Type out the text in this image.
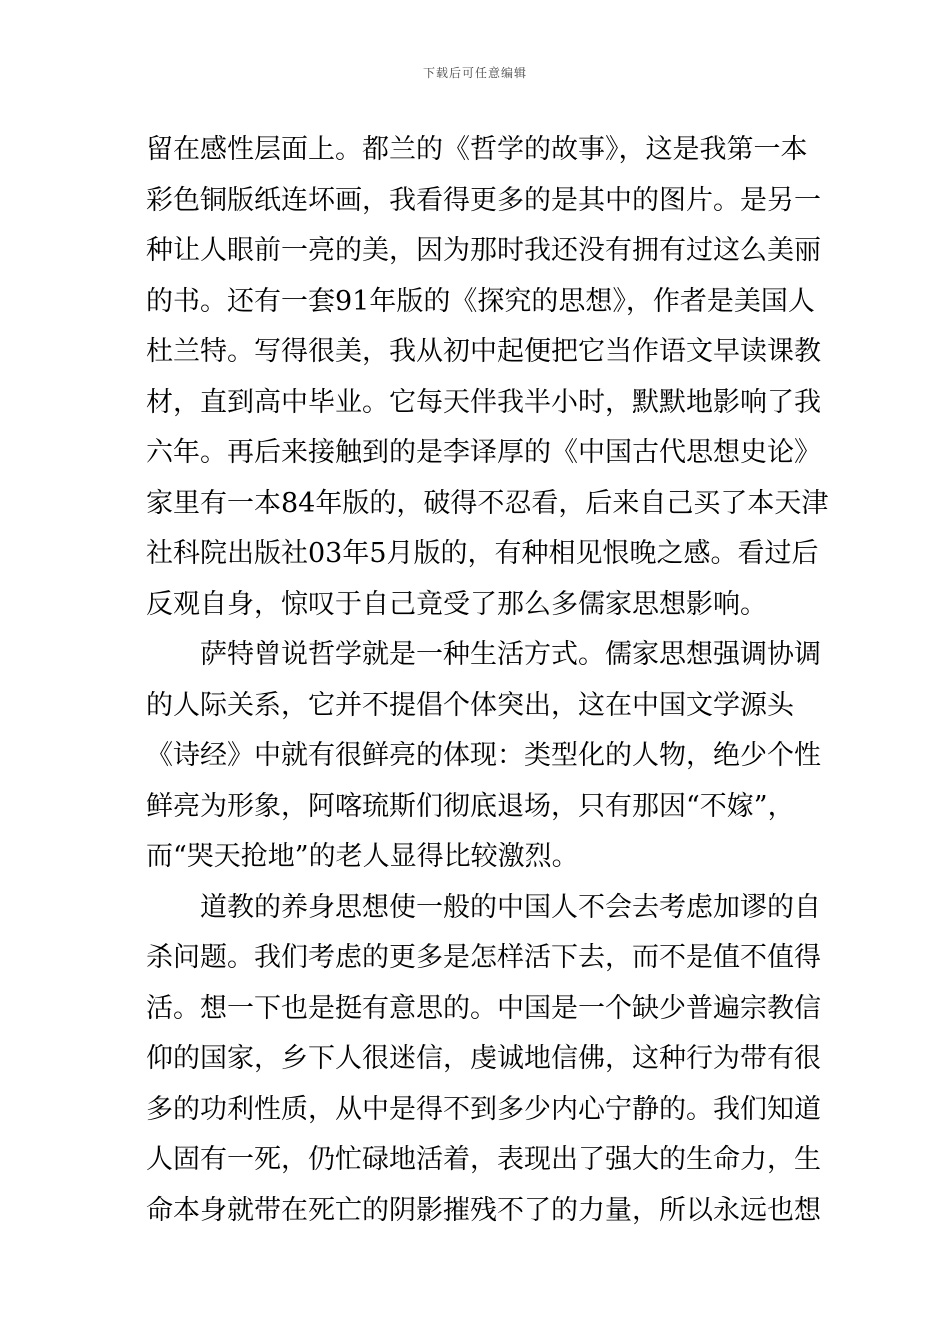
下载后可任意编辑
留在感性层面上。都兰的《哲学的故事》，这是我第一本
彩色铜版纸连坏画，我看得更多的是其中的图片。是另一
种让人眼前一亮的美，因为那时我还没有拥有过这么美丽
的书。还有一套91年版的《探究的思想》，作者是美国人
杜兰特。写得很美，我从初中起便把它当作语文早读课教
材，直到高中毕业。它每天伴我半小时，默默地影响了我
六年。再后来接触到的是李译厚的《中国古代思想史论》
家里有一本84年版的，破得不忍看，后来自己买了本天津
社科院出版社03年5月版的，有种相见恨晚之感。看过后
反观自身，惊叹于自己竟受了那么多儒家思想影响。
萨特曾说哲学就是一种生活方式。儒家思想强调协调
的人际关系，它并不提倡个体突出，这在中国文学源头
《诗经》中就有很鲜亮的体现：类型化的人物，绝少个性
鲜亮为形象，阿喀琉斯们彻底退场，只有那因“不嫁”，
而“哭天抢地”的老人显得比较激烈。
道教的养身思想使一般的中国人不会去考虑加谬的自
杀问题。我们考虑的更多是怎样活下去，而不是值不值得
活。想一下也是挺有意思的。中国是一个缺少普遍宗教信
仰的国家，乡下人很迷信，虔诚地信佛，这种行为带有很
多的功利性质，从中是得不到多少内心宁静的。我们知道
人固有一死，仍忙碌地活着，表现出了强大的生命力，生
命本身就带在死亡的阴影摧残不了的力量，所以永远也想
